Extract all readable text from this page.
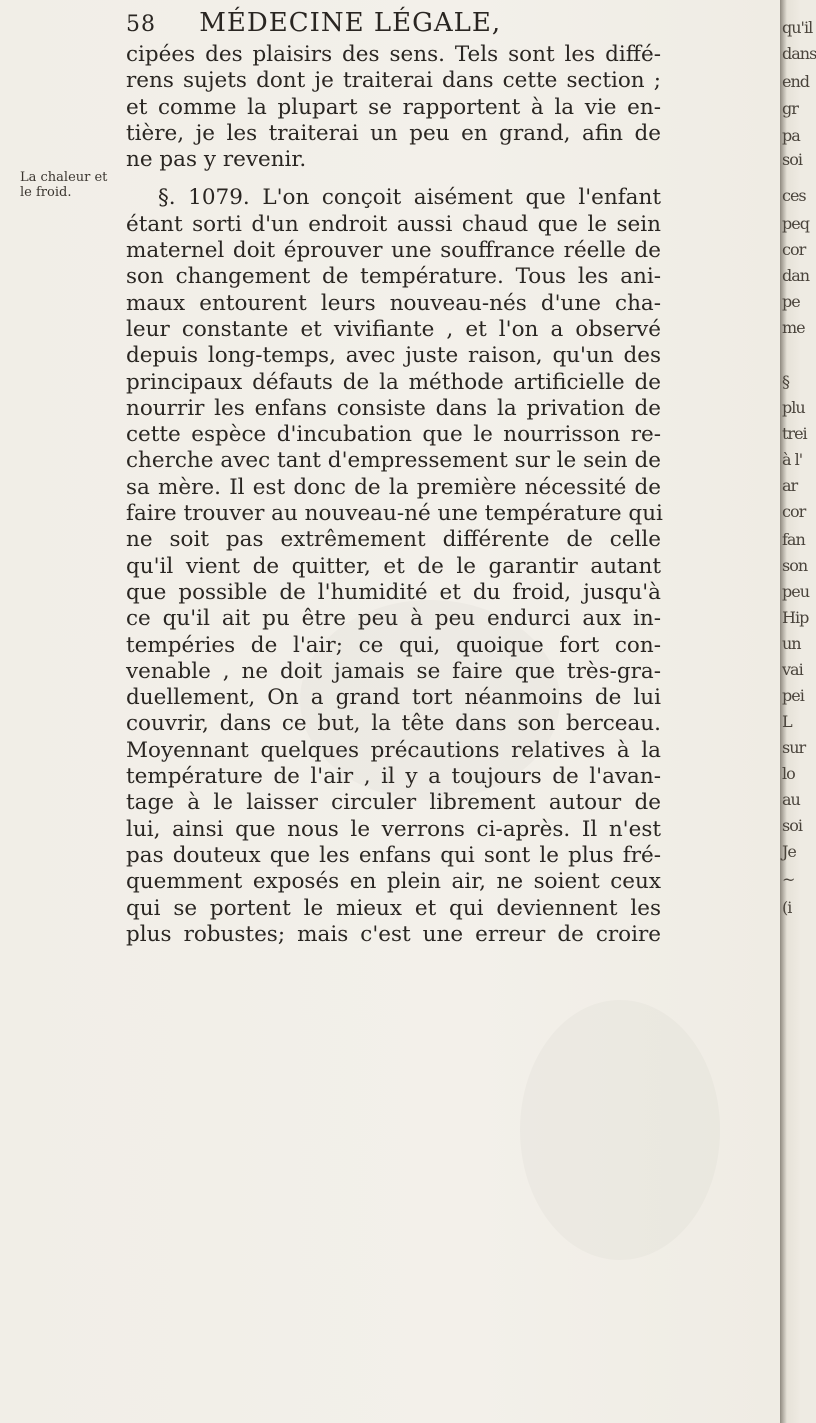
58 MÉDECINE LÉGALE,
La chaleur et
le froid.
cipées des plaisirs des sens. Tels sont les diffé-
rens sujets dont je traiterai dans cette section ;
et comme la plupart se rapportent à la vie en-
tière, je les traiterai un peu en grand, afin de
ne pas y revenir.
§. 1079. L'on conçoit aisément que l'enfant
étant sorti d'un endroit aussi chaud que le sein
maternel doit éprouver une souffrance réelle de
son changement de température. Tous les ani-
maux entourent leurs nouveau-nés d'une cha-
leur constante et vivifiante , et l'on a observé
depuis long-temps, avec juste raison, qu'un des
principaux défauts de la méthode artificielle de
nourrir les enfans consiste dans la privation de
cette espèce d'incubation que le nourrisson re-
cherche avec tant d'empressement sur le sein de
sa mère. Il est donc de la première nécessité de
faire trouver au nouveau-né une température qui
ne soit pas extrêmement différente de celle
qu'il vient de quitter, et de le garantir autant
que possible de l'humidité et du froid, jusqu'à
ce qu'il ait pu être peu à peu endurci aux in-
tempéries de l'air; ce qui, quoique fort con-
venable , ne doit jamais se faire que très-gra-
duellement, On a grand tort néanmoins de lui
couvrir, dans ce but, la tête dans son berceau.
Moyennant quelques précautions relatives à la
température de l'air , il y a toujours de l'avan-
tage à le laisser circuler librement autour de
lui, ainsi que nous le verrons ci-après. Il n'est
pas douteux que les enfans qui sont le plus fré-
quemment exposés en plein air, ne soient ceux
qui se portent le mieux et qui deviennent les
plus robustes; mais c'est une erreur de croire
qu'il
dans
end
gr
pa
soi
ces
peq
cor
dan
pe
me
§
plu
trei
à l'
ar
cor
fan
son
peu
Hip
un
vai
pei
L
sur
lo
au
soi
Je
~
(i
